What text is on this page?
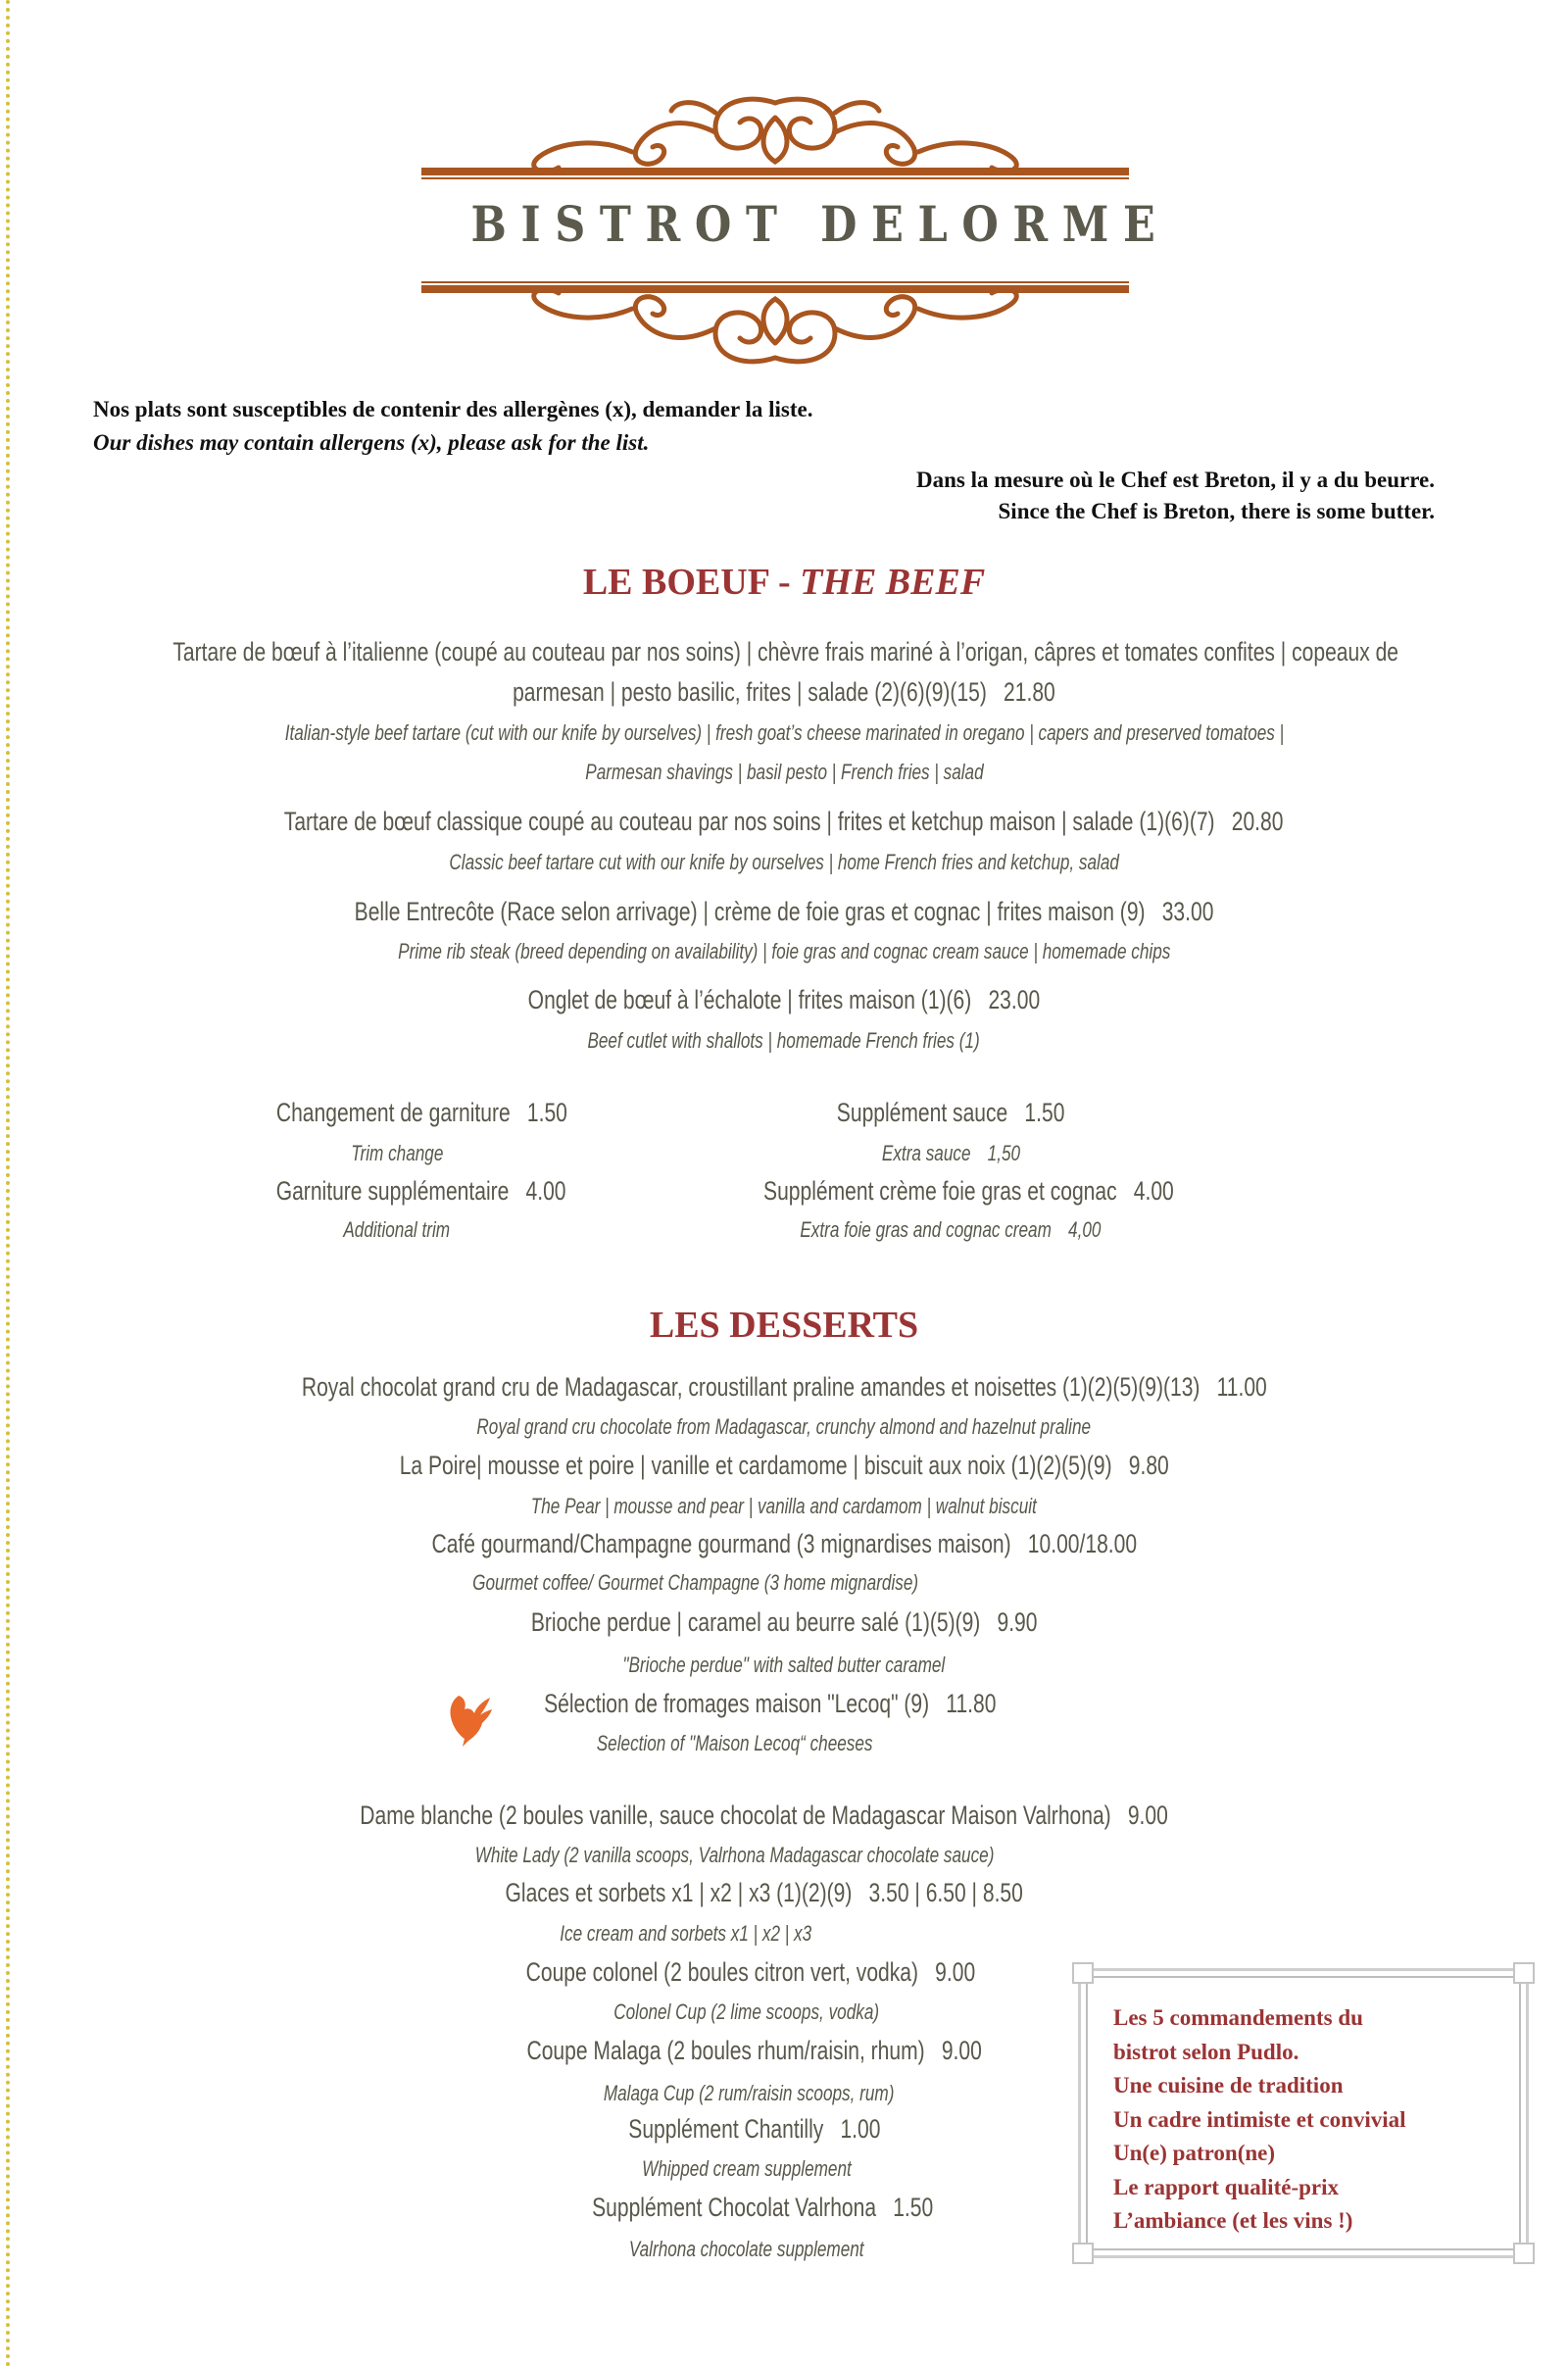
BISTROT DELORME
Nos plats sont susceptibles de contenir des allergènes (x), demander la liste.
Our dishes may contain allergens (x), please ask for the list.
Dans la mesure où le Chef est Breton, il y a du beurre.
Since the Chef is Breton, there is some butter.
LE BOEUF - THE BEEF
Tartare de bœuf à l’italienne (coupé au couteau par nos soins) | chèvre frais mariné à l’origan, câpres et tomates confites | copeaux de
parmesan | pesto basilic, frites | salade (2)(6)(9)(15) 21.80
Italian-style beef tartare (cut with our knife by ourselves) | fresh goat’s cheese marinated in oregano | capers and preserved tomatoes |
Parmesan shavings | basil pesto | French fries | salad
Tartare de bœuf classique coupé au couteau par nos soins | frites et ketchup maison | salade (1)(6)(7) 20.80
Classic beef tartare cut with our knife by ourselves | home French fries and ketchup, salad
Belle Entrecôte (Race selon arrivage) | crème de foie gras et cognac | frites maison (9) 33.00
Prime rib steak (breed depending on availability) | foie gras and cognac cream sauce | homemade chips
Onglet de bœuf à l’échalote | frites maison (1)(6) 23.00
Beef cutlet with shallots | homemade French fries (1)
Changement de garniture 1.50
Trim change
Garniture supplémentaire 4.00
Additional trim
Supplément sauce 1.50
Extra sauce 1,50
Supplément crème foie gras et cognac 4.00
Extra foie gras and cognac cream 4,00
LES DESSERTS
Royal chocolat grand cru de Madagascar, croustillant praline amandes et noisettes (1)(2)(5)(9)(13) 11.00
Royal grand cru chocolate from Madagascar, crunchy almond and hazelnut praline
La Poire| mousse et poire | vanille et cardamome | biscuit aux noix (1)(2)(5)(9) 9.80
The Pear | mousse and pear | vanilla and cardamom | walnut biscuit
Café gourmand/Champagne gourmand (3 mignardises maison) 10.00/18.00
Gourmet coffee/ Gourmet Champagne (3 home mignardise)
Brioche perdue | caramel au beurre salé (1)(5)(9) 9.90
"Brioche perdue" with salted butter caramel
Sélection de fromages maison "Lecoq" (9) 11.80
Selection of "Maison Lecoq“ cheeses
Dame blanche (2 boules vanille, sauce chocolat de Madagascar Maison Valrhona) 9.00
White Lady (2 vanilla scoops, Valrhona Madagascar chocolate sauce)
Glaces et sorbets x1 | x2 | x3 (1)(2)(9) 3.50 | 6.50 | 8.50
Ice cream and sorbets x1 | x2 | x3
Coupe colonel (2 boules citron vert, vodka) 9.00
Colonel Cup (2 lime scoops, vodka)
Coupe Malaga (2 boules rhum/raisin, rhum) 9.00
Malaga Cup (2 rum/raisin scoops, rum)
Supplément Chantilly 1.00
Whipped cream supplement
Supplément Chocolat Valrhona 1.50
Valrhona chocolate supplement
Les 5 commandements du
bistrot selon Pudlo.
Une cuisine de tradition
Un cadre intimiste et convivial
Un(e) patron(ne)
Le rapport qualité-prix
L’ambiance (et les vins !)
